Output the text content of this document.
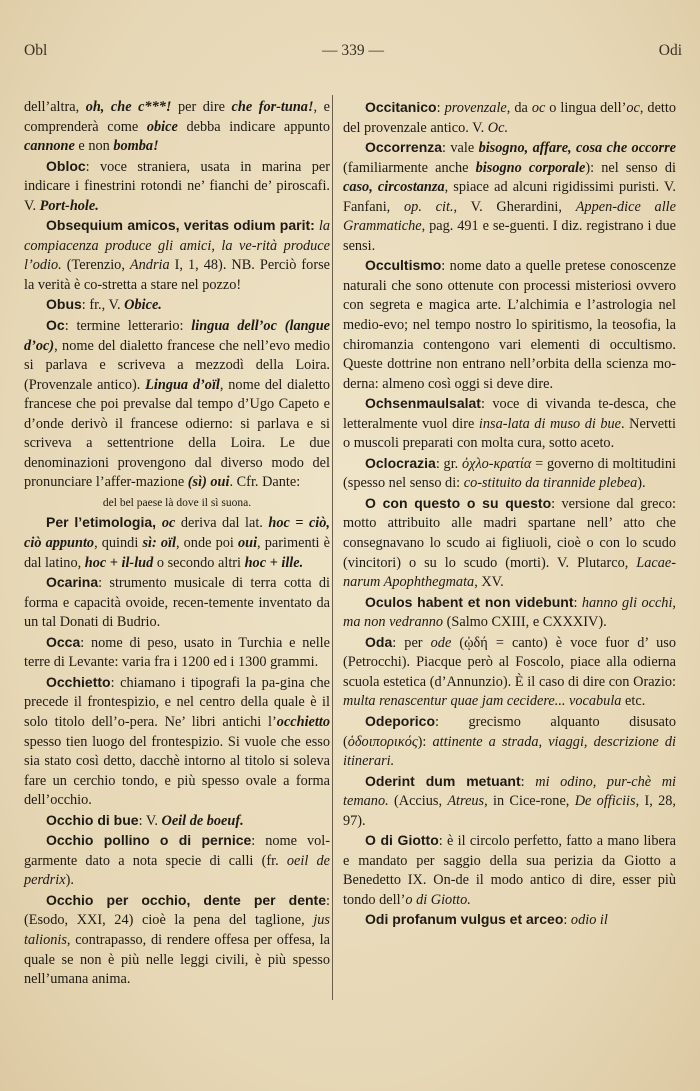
Obl	— 339 —	Odi

dell’altra, oh, che c***! per dire che for-tuna!, e comprenderà come obice debba indicare appunto cannone e non bomba!

Obloc: voce straniera, usata in marina per indicare i finestrini rotondi ne’ fianchi de’ piroscafi. V. Port-hole.

Obsequium amicos, veritas odium parit: la compiacenza produce gli amici, la ve-rità produce l’odio. (Terenzio, Andria I, 1, 48). NB. Perciò forse la verità è co-stretta a stare nel pozzo!

Obus: fr., V. Obice.

Oc: termine letterario: lingua dell’oc (langue d’oc), nome del dialetto francese che nell’evo medio si parlava e scriveva a mezzodì della Loira. (Provenzale antico). Lingua d’oïl, nome del dialetto francese che poi prevalse dal tempo d’Ugo Capeto e d’onde derivò il francese odierno: si parlava e si scriveva a settentrione della Loira. Le due denominazioni provengono dal diverso modo del pronunciare l’affer-mazione (sì) oui. Cfr. Dante:

del bel paese là dove il sì suona.

Per l’etimologia, oc deriva dal lat. hoc = ciò, ciò appunto, quindi sì: oïl, onde poi oui, parimenti è dal latino, hoc + il-lud o secondo altri hoc + ille.

Ocarina: strumento musicale di terra cotta di forma e capacità ovoide, recen-temente inventato da un tal Donati di Budrio.

Occa: nome di peso, usato in Turchia e nelle terre di Levante: varia fra i 1200 ed i 1300 grammi.

Occhietto: chiamano i tipografi la pa-gina che precede il frontespizio, e nel centro della quale è il solo titolo dell’o-pera. Ne’ libri antichi l’occhietto spesso tien luogo del frontespizio. Si vuole che esso sia stato così detto, dacchè intorno al titolo si soleva fare un cerchio tondo, e più spesso ovale a forma dell’occhio.

Occhio di bue: V. Oeil de boeuf.

Occhio pollino o di pernice: nome vol-garmente dato a nota specie di calli (fr. oeil de perdrix).

Occhio per occhio, dente per dente: (Esodo, XXI, 24) cioè la pena del taglione, jus talionis, contrapasso, di rendere offesa per offesa, la quale se non è più nelle leggi civili, è più spesso nell’umana anima.

Occitanico: provenzale, da oc o lingua dell’oc, detto del provenzale antico. V. Oc.

Occorrenza: vale bisogno, affare, cosa che occorre (familiarmente anche bisogno corporale): nel senso di caso, circostanza, spiace ad alcuni rigidissimi puristi. V. Fanfani, op. cit., V. Gherardini, Appen-dice alle Grammatiche, pag. 491 e se-guenti. I diz. registrano i due sensi.

Occultismo: nome dato a quelle pretese conoscenze naturali che sono ottenute con processi misteriosi ovvero con segreta e magica arte. L’alchimia e l’astrologia nel medio-evo; nel tempo nostro lo spiritismo, la teosofia, la chiromanzia contengono vari elementi di occultismo. Queste dottrine non entrano nell’orbita della scienza mo-derna: almeno così oggi si deve dire.

Ochsenmaulsalat: voce di vivanda te-desca, che letteralmente vuol dire insa-lata di muso di bue. Nervetti o muscoli preparati con molta cura, sotto aceto.

Oclocrazia: gr. ὀχλο-κρατία = governo di moltitudini (spesso nel senso di: co-stituito da tirannide plebea).

O con questo o su questo: versione dal greco: motto attribuito alle madri spartane nell’ atto che consegnavano lo scudo ai figliuoli, cioè o con lo scudo (vincitori) o su lo scudo (morti). V. Plutarco, Lacae-narum Apophthegmata, XV.

Oculos habent et non videbunt: hanno gli occhi, ma non vedranno (Salmo CXIII, e CXXXIV).

Oda: per ode (ᾠδή = canto) è voce fuor d’ uso (Petrocchi). Piacque però al Foscolo, piace alla odierna scuola estetica (d’Annunzio). È il caso di dire con Orazio: multa renascentur quae jam cecidere... vocabula etc.

Odeporico: grecismo alquanto disusato (ὁδοιπορικός): attinente a strada, viaggi, descrizione di itinerari.

Oderint dum metuant: mi odino, pur-chè mi temano. (Accius, Atreus, in Cice-rone, De officiis, I, 28, 97).

O di Giotto: è il circolo perfetto, fatto a mano libera e mandato per saggio della sua perizia da Giotto a Benedetto IX. On-de il modo antico di dire, esser più tondo dell’o di Giotto.

Odi profanum vulgus et arceo: odio il
